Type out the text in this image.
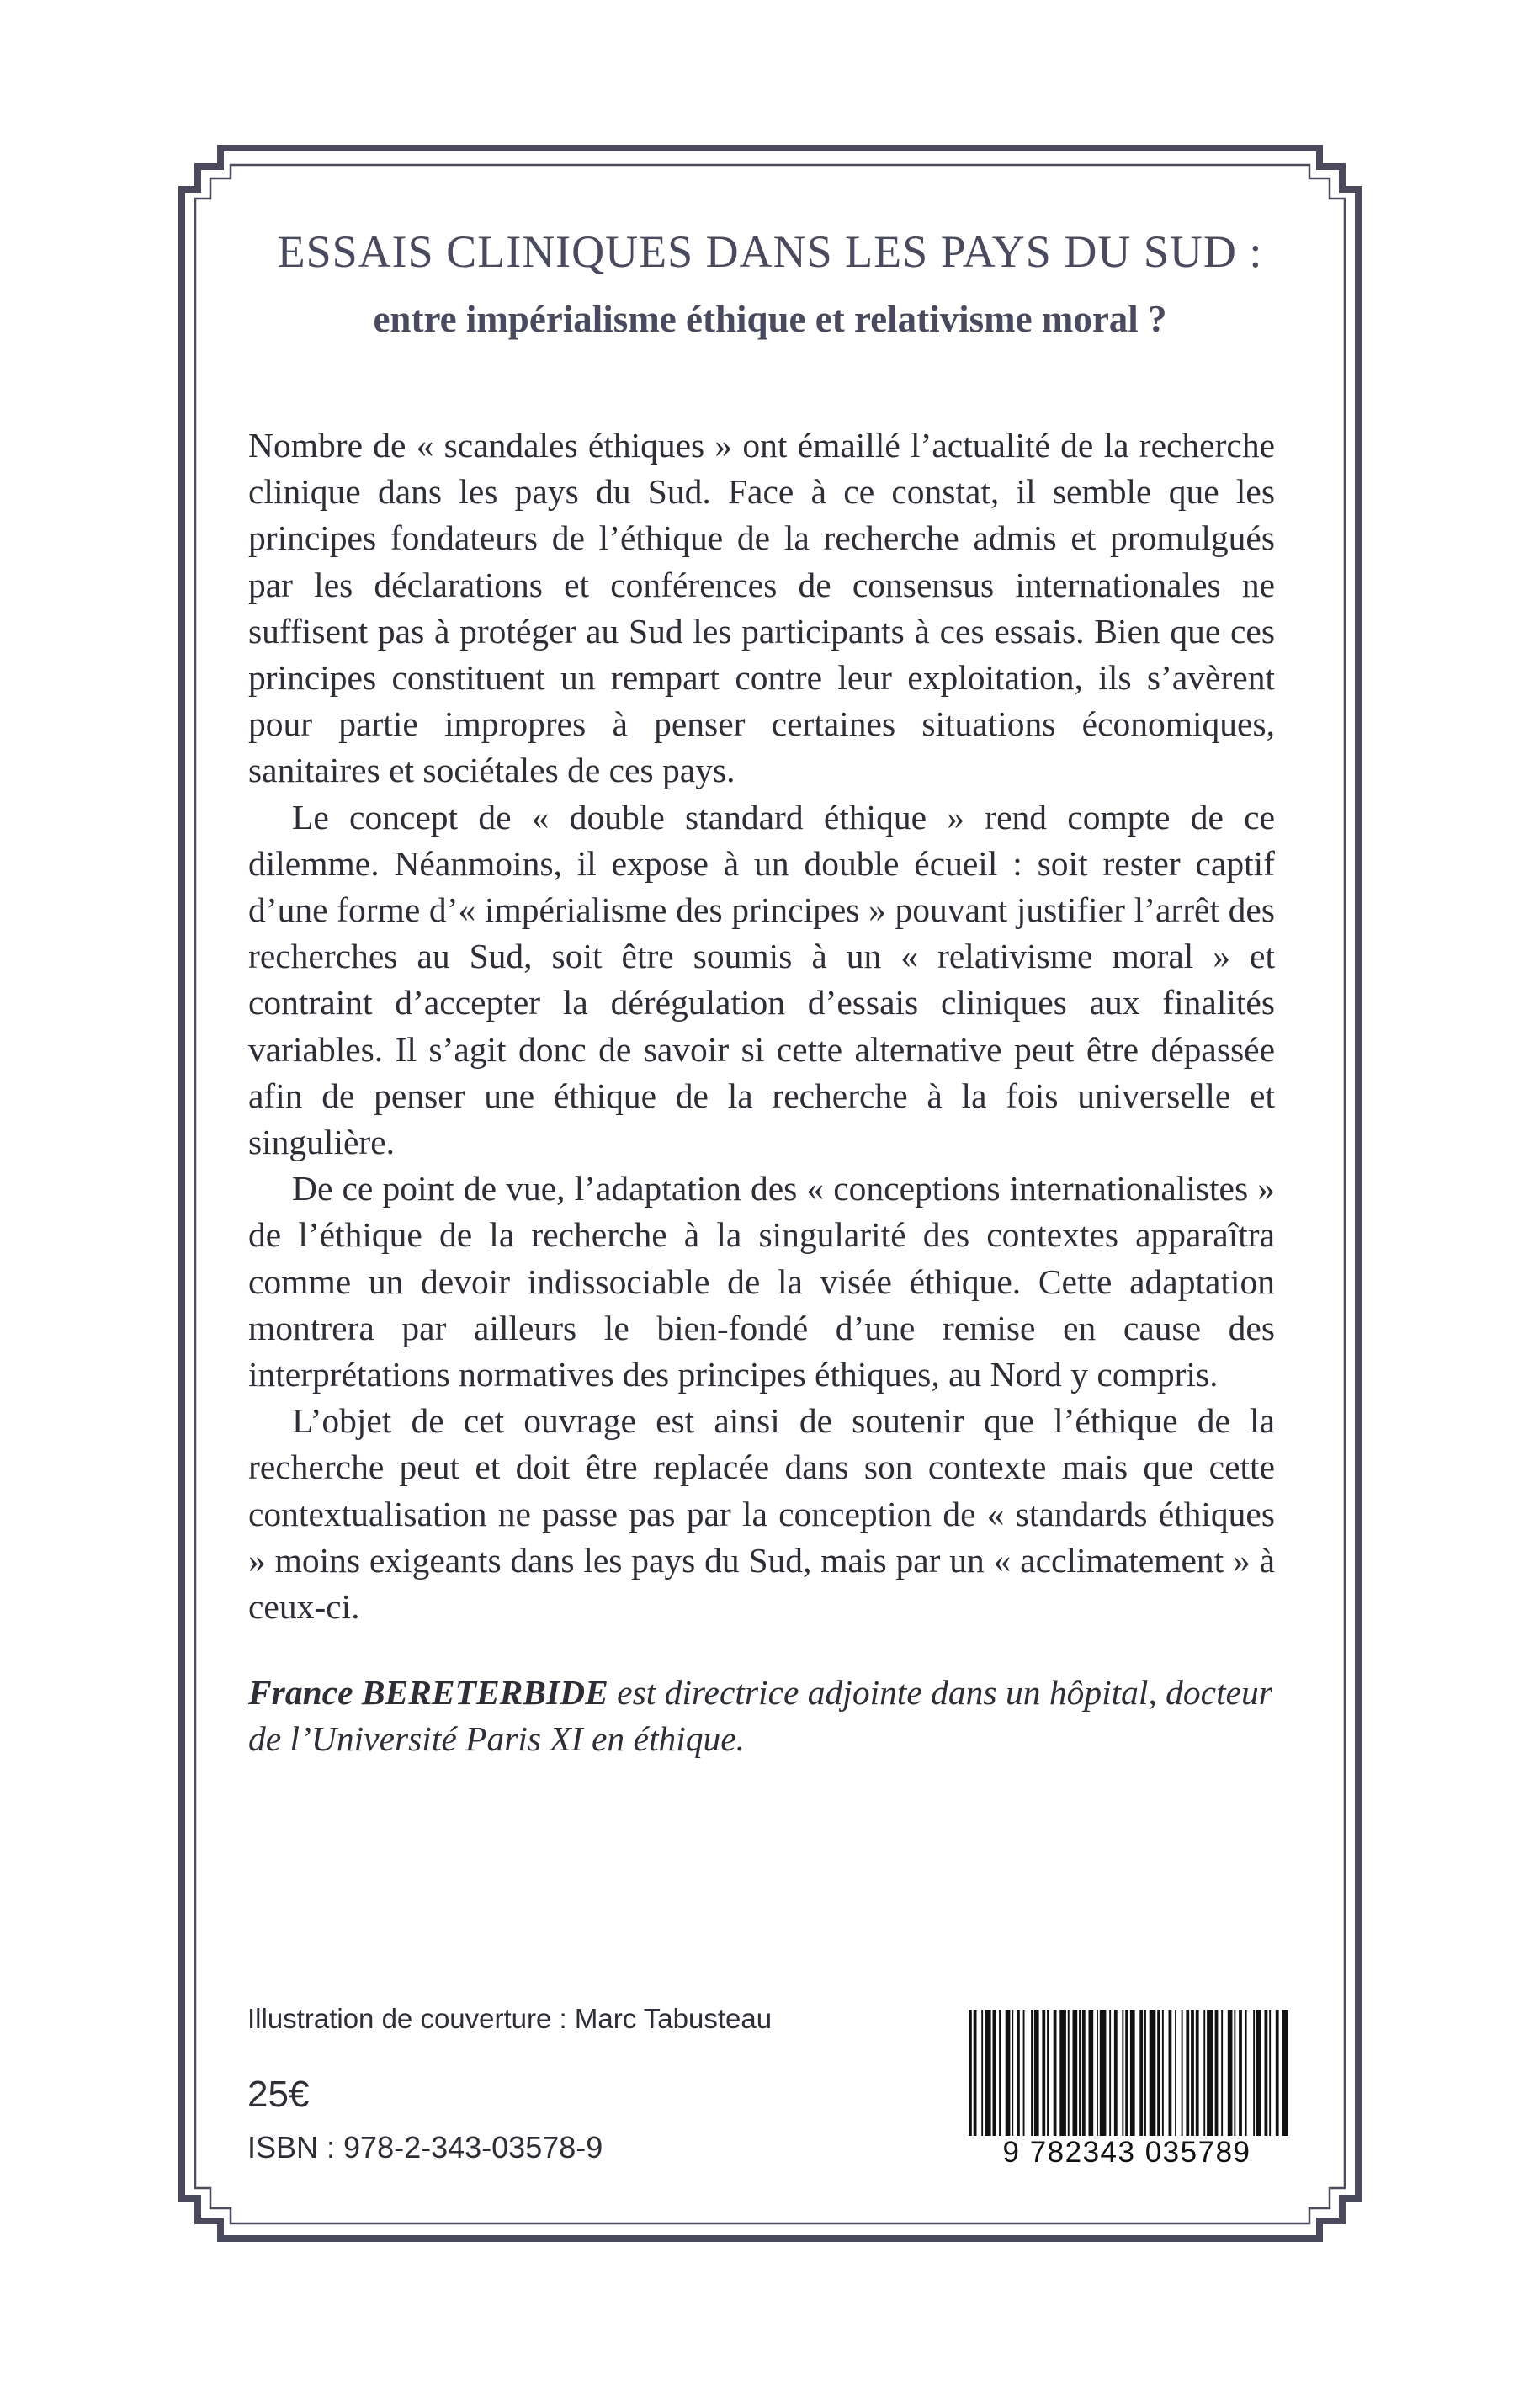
ESSAIS CLINIQUES DANS LES PAYS DU SUD :
entre impérialisme éthique et relativisme moral ?

Nombre de « scandales éthiques » ont émaillé l’actualité de la recherche clinique dans les pays du Sud. Face à ce constat, il semble que les principes fondateurs de l’éthique de la recherche admis et promulgués par les déclarations et conférences de consensus internationales ne suffisent pas à protéger au Sud les participants à ces essais. Bien que ces principes constituent un rempart contre leur exploitation, ils s’avèrent pour partie impropres à penser certaines situations économiques, sanitaires et sociétales de ces pays.

Le concept de « double standard éthique » rend compte de ce dilemme. Néanmoins, il expose à un double écueil : soit rester captif d’une forme d’« impérialisme des principes » pouvant justifier l’arrêt des recherches au Sud, soit être soumis à un « relativisme moral » et contraint d’accepter la dérégulation d’essais cliniques aux finalités variables. Il s’agit donc de savoir si cette alternative peut être dépassée afin de penser une éthique de la recherche à la fois universelle et singulière.

De ce point de vue, l’adaptation des « conceptions internationalistes » de l’éthique de la recherche à la singularité des contextes apparaîtra comme un devoir indissociable de la visée éthique. Cette adaptation montrera par ailleurs le bien-fondé d’une remise en cause des interprétations normatives des principes éthiques, au Nord y compris.

L’objet de cet ouvrage est ainsi de soutenir que l’éthique de la recherche peut et doit être replacée dans son contexte mais que cette contextualisation ne passe pas par la conception de « standards éthiques » moins exigeants dans les pays du Sud, mais par un « acclimatement » à ceux-ci.

France BERETERBIDE est directrice adjointe dans un hôpital, docteur de l’Université Paris XI en éthique.
Illustration de couverture : Marc Tabusteau
25€
ISBN : 978-2-343-03578-9	9 782343 035789
